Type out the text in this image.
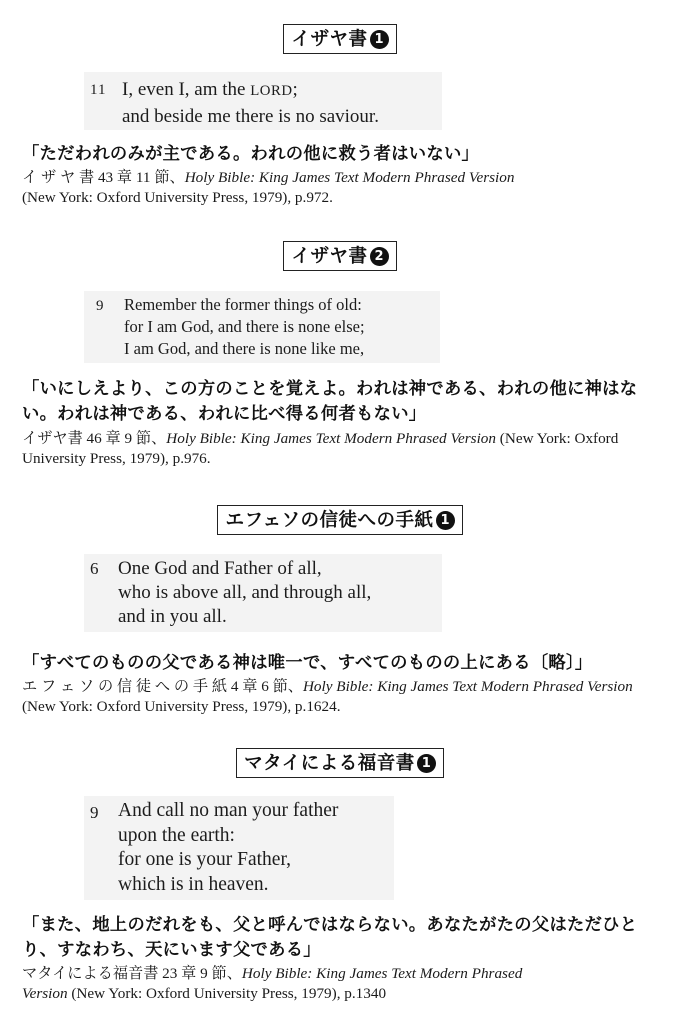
イザヤ書 1
11 I, even I, am the LORD;
and beside me there is no saviour.
「ただわれのみが主である。われの他に救う者はいない」
イ ザ ヤ 書 43 章 11 節、Holy Bible: King James Text Modern Phrased Version
(New York: Oxford University Press, 1979), p.972.
イザヤ書 2
9 Remember the former things of old:
for I am God, and there is none else;
I am God, and there is none like me,
「いにしえより、この方のことを覚えよ。われは神である、われの他に神はない。われは神である、われに比べ得る何者もない」
イザヤ書 46 章 9 節、Holy Bible: King James Text Modern Phrased Version (New York: Oxford University Press, 1979), p.976.
エフェソの信徒への手紙 1
6 One God and Father of all,
who is above all, and through all,
and in you all.
「すべてのものの父である神は唯一で、すべてのものの上にある〔略〕」
エ フ ェ ソ の 信 徒 へ の 手 紙 4 章 6 節、Holy Bible: King James Text Modern Phrased Version (New York: Oxford University Press, 1979), p.1624.
マタイによる福音書 1
9 And call no man your father
upon the earth:
for one is your Father,
which is in heaven.
「また、地上のだれをも、父と呼んではならない。あなたがたの父はただひとり、すなわち、天にいます父である」
マタイによる福音書 23 章 9 節、Holy Bible: King James Text Modern Phrased
Version (New York: Oxford University Press, 1979), p.1340
